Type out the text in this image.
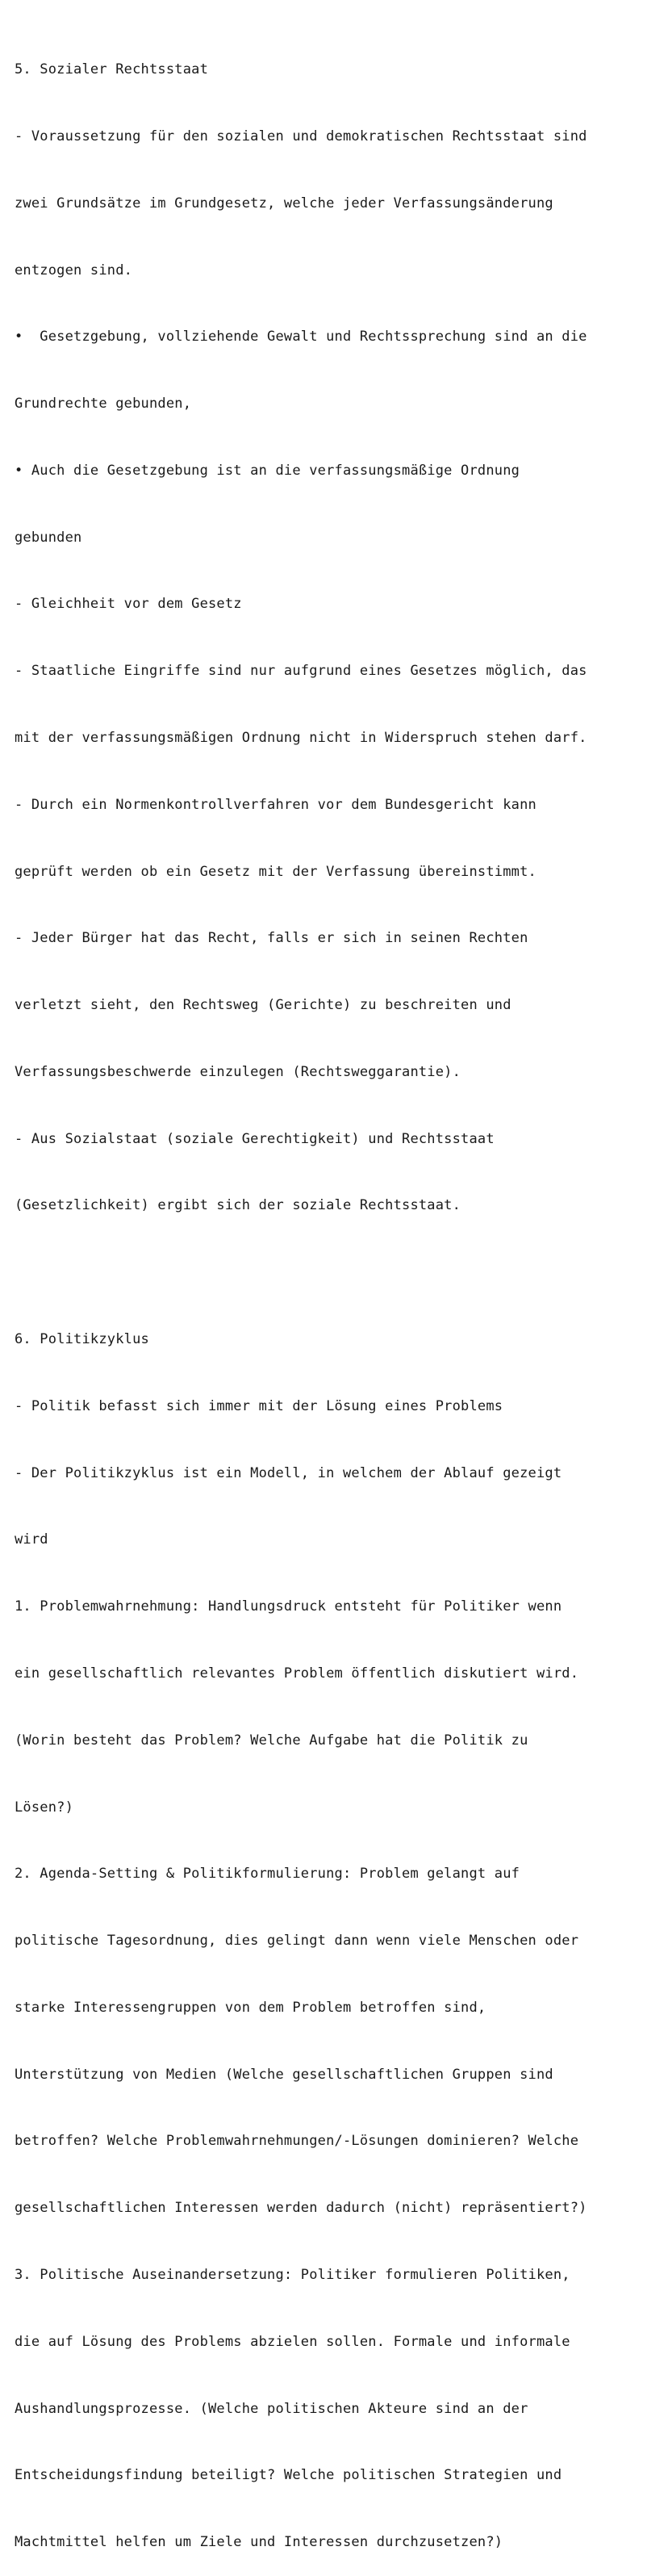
5. Sozialer Rechtsstaat

- Voraussetzung für den sozialen und demokratischen Rechtsstaat sind

zwei Grundsätze im Grundgesetz, welche jeder Verfassungsänderung

entzogen sind.

•  Gesetzgebung, vollziehende Gewalt und Rechtssprechung sind an die

Grundrechte gebunden,

• Auch die Gesetzgebung ist an die verfassungsmäßige Ordnung

gebunden

- Gleichheit vor dem Gesetz

- Staatliche Eingriffe sind nur aufgrund eines Gesetzes möglich, das

mit der verfassungsmäßigen Ordnung nicht in Widerspruch stehen darf.

- Durch ein Normenkontrollverfahren vor dem Bundesgericht kann

geprüft werden ob ein Gesetz mit der Verfassung übereinstimmt.

- Jeder Bürger hat das Recht, falls er sich in seinen Rechten

verletzt sieht, den Rechtsweg (Gerichte) zu beschreiten und

Verfassungsbeschwerde einzulegen (Rechtsweggarantie).

- Aus Sozialstaat (soziale Gerechtigkeit) und Rechtsstaat

(Gesetzlichkeit) ergibt sich der soziale Rechtsstaat.

6. Politikzyklus

- Politik befasst sich immer mit der Lösung eines Problems

- Der Politikzyklus ist ein Modell, in welchem der Ablauf gezeigt

wird

1. Problemwahrnehmung: Handlungsdruck entsteht für Politiker wenn

ein gesellschaftlich relevantes Problem öffentlich diskutiert wird.

(Worin besteht das Problem? Welche Aufgabe hat die Politik zu

Lösen?)

2. Agenda-Setting & Politikformulierung: Problem gelangt auf

politische Tagesordnung, dies gelingt dann wenn viele Menschen oder

starke Interessengruppen von dem Problem betroffen sind,

Unterstützung von Medien (Welche gesellschaftlichen Gruppen sind

betroffen? Welche Problemwahrnehmungen/-Lösungen dominieren? Welche

gesellschaftlichen Interessen werden dadurch (nicht) repräsentiert?)

3. Politische Auseinandersetzung: Politiker formulieren Politiken,

die auf Lösung des Problems abzielen sollen. Formale und informale

Aushandlungsprozesse. (Welche politischen Akteure sind an der

Entscheidungsfindung beteiligt? Welche politischen Strategien und

Machtmittel helfen um Ziele und Interessen durchzusetzen?)
